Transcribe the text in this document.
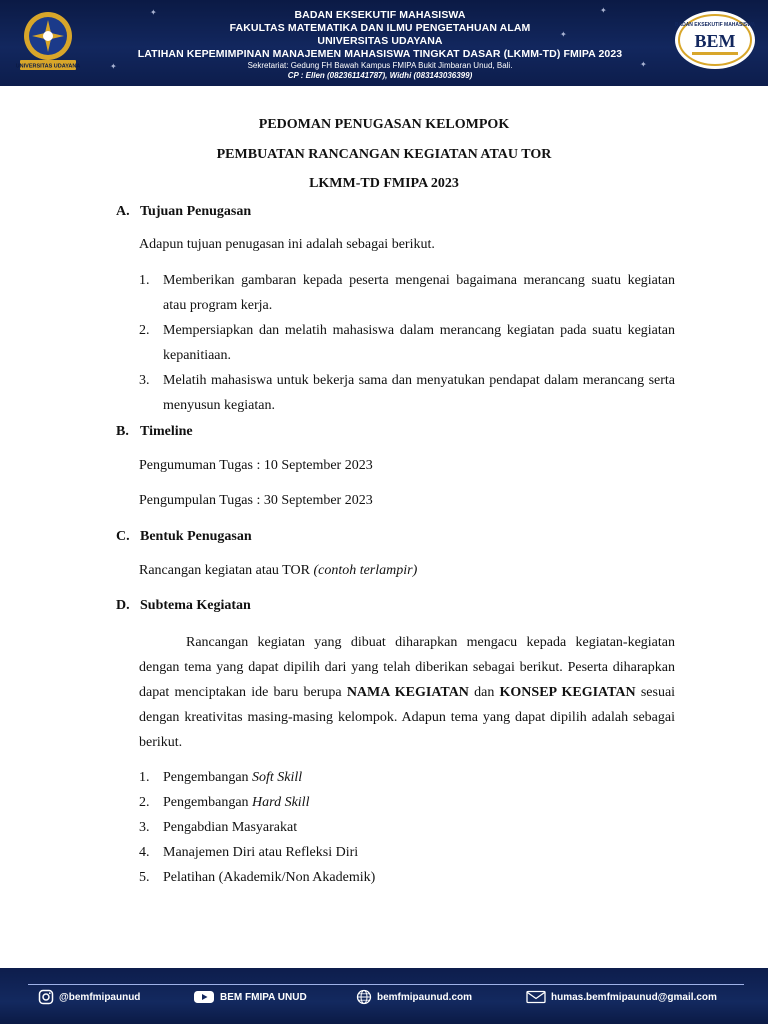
✦	✦
✦
✦
✦
UNIVERSITAS UDAYANA
BADAN EKSEKUTIF MAHASISWA
FAKULTAS MATEMATIKA DAN ILMU PENGETAHUAN ALAM
UNIVERSITAS UDAYANA
LATIHAN KEPEMIMPINAN MANAJEMEN MAHASISWA TINGKAT DASAR (LKMM-TD) FMIPA 2023
Sekretariat: Gedung FH Bawah Kampus FMIPA Bukit Jimbaran Unud, Bali.
CP : Ellen (082361141787), Widhi (083143036399)
BADAN EKSEKUTIF MAHASISWA
BEM
PEDOMAN PENUGASAN KELOMPOK
PEMBUATAN RANCANGAN KEGIATAN ATAU TOR
LKMM-TD FMIPA 2023
A. Tujuan Penugasan
Adapun tujuan penugasan ini adalah sebagai berikut.
1. Memberikan gambaran kepada peserta mengenai bagaimana merancang suatu kegiatan atau program kerja.
2. Mempersiapkan dan melatih mahasiswa dalam merancang kegiatan pada suatu kegiatan kepanitiaan.
3. Melatih mahasiswa untuk bekerja sama dan menyatukan pendapat dalam merancang serta menyusun kegiatan.
B. Timeline
Pengumuman Tugas : 10 September 2023
Pengumpulan Tugas : 30 September 2023
C. Bentuk Penugasan
Rancangan kegiatan atau TOR (contoh terlampir)
D. Subtema Kegiatan
Rancangan kegiatan yang dibuat diharapkan mengacu kepada kegiatan-kegiatan dengan tema yang dapat dipilih dari yang telah diberikan sebagai berikut. Peserta diharapkan dapat menciptakan ide baru berupa NAMA KEGIATAN dan KONSEP KEGIATAN sesuai dengan kreativitas masing-masing kelompok. Adapun tema yang dapat dipilih adalah sebagai berikut.
1. Pengembangan Soft Skill
2. Pengembangan Hard Skill
3. Pengabdian Masyarakat
4. Manajemen Diri atau Refleksi Diri
5. Pelatihan (Akademik/Non Akademik)
@bemfmipaunud	BEM FMIPA UNUD	bemfmipaunud.com	humas.bemfmipaunud@gmail.com
